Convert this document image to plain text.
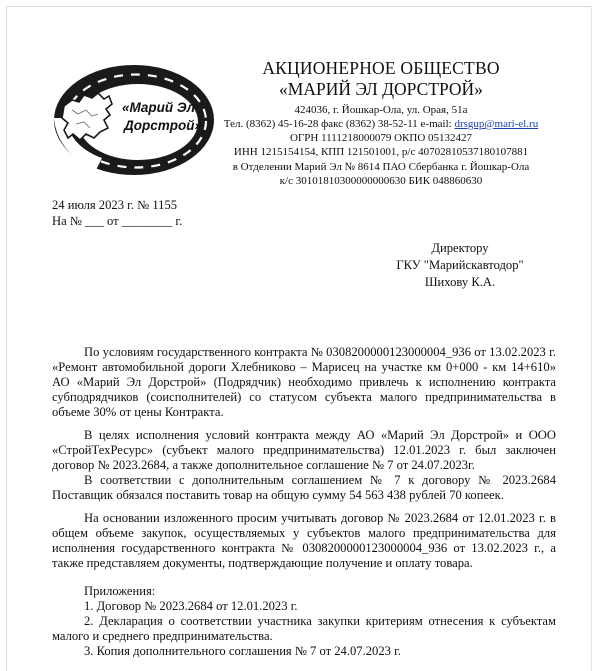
«Марий Эл
Дорстрой»
АКЦИОНЕРНОЕ ОБЩЕСТВО
«МАРИЙ ЭЛ ДОРСТРОЙ»
424036, г. Йошкар-Ола, ул. Орая, 51а
Тел. (8362) 45-16-28 факс (8362) 38-52-11 e-mail: drsgup@mari-el.ru
ОГРН 1111218000079 ОКПО 05132427
ИНН 1215154154, КПП 121501001, р/с 40702810537180107881
в Отделении Марий Эл № 8614 ПАО Сбербанка г. Йошкар-Ола
к/с 30101810300000000630 БИК 048860630
24 июля 2023 г. № 1155
На № ___ от ________ г.
Директору
ГКУ "Марийскавтодор"
Шихову К.А.

По условиям государственного контракта № 0308200000123000004_936 от 13.02.2023 г. «Ремонт автомобильной дороги Хлебниково – Марисец на участке км 0+000 - км 14+610» АО «Марий Эл Дорстрой» (Подрядчик) необходимо привлечь к исполнению контракта субподрядчиков (соисполнителей) со статусом субъекта малого предпринимательства в объеме 30% от цены Контракта.

В целях исполнения условий контракта между АО «Марий Эл Дорстрой» и ООО «СтройТехРесурс» (субъект малого предпринимательства) 12.01.2023 г. был заключен договор № 2023.2684, а также дополнительное соглашение № 7 от 24.07.2023г.

В соответствии с дополнительным соглашением № 7 к договору № 2023.2684 Поставщик обязался поставить товар на общую сумму 54 563 438 рублей 70 копеек.

На основании изложенного просим учитывать договор № 2023.2684 от 12.01.2023 г. в общем объеме закупок, осуществляемых у субъектов малого предпринимательства для исполнения государственного контракта № 0308200000123000004_936 от 13.02.2023 г., а также представляем документы, подтверждающие получение и оплату товара.

Приложения:

1. Договор № 2023.2684 от 12.01.2023 г.

2. Декларация о соответствии участника закупки критериям отнесения к субъектам малого и среднего предпринимательства.

3. Копия дополнительного соглашения № 7 от 24.07.2023 г.
